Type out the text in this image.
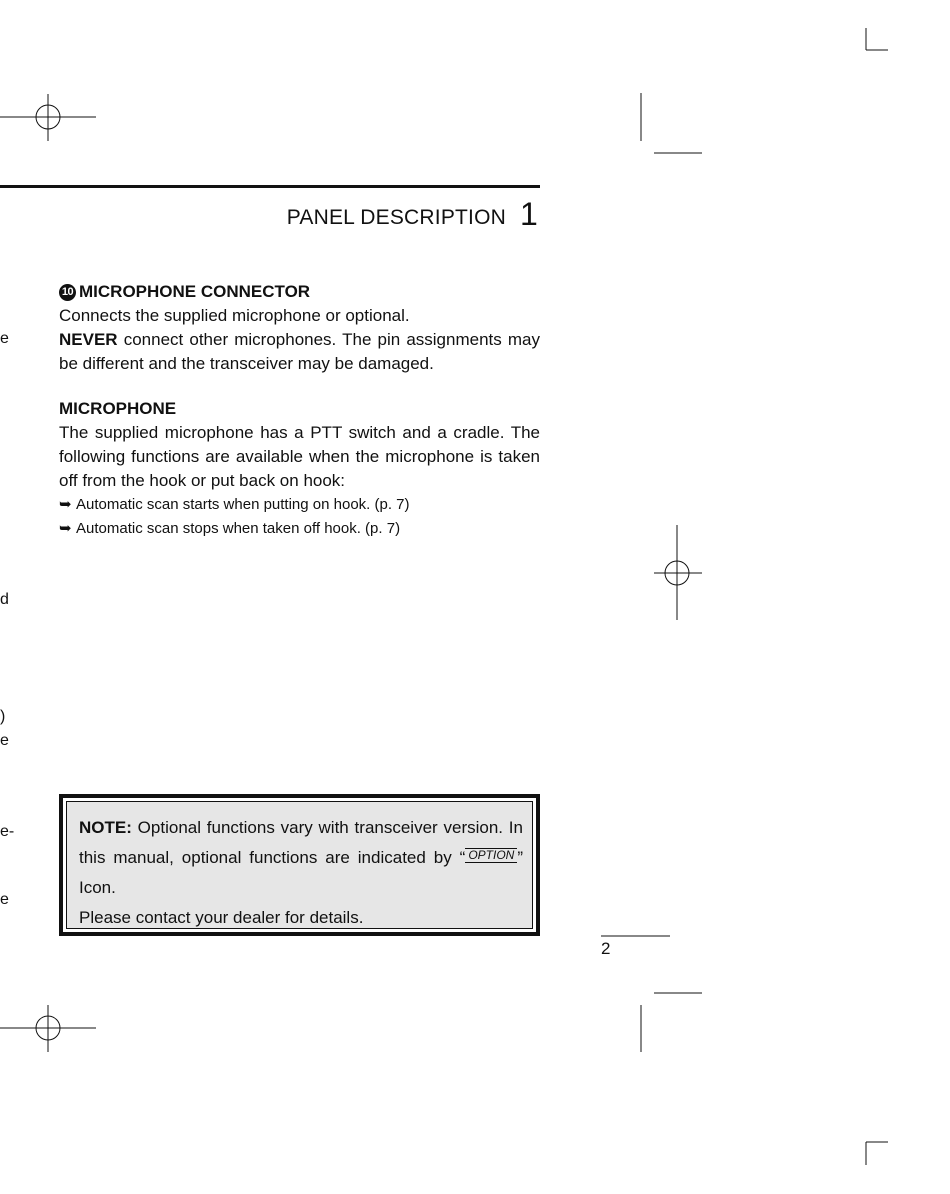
PANEL DESCRIPTION 1
10 MICROPHONE CONNECTOR

Connects the supplied microphone or optional.

NEVER connect other microphones. The pin assignments may be different and the transceiver may be damaged.

MICROPHONE

The supplied microphone has a PTT switch and a cradle. The following functions are available when the microphone is taken off from the hook or put back on hook:

➥ Automatic scan starts when putting on hook. (p. 7)
➥ Automatic scan stops when taken off hook. (p. 7)

NOTE: Optional functions vary with transceiver version. In this manual, optional functions are indicated by “ OPTION ” Icon.

Please contact your dealer for details.

e
d
)
e
e-
e
2
